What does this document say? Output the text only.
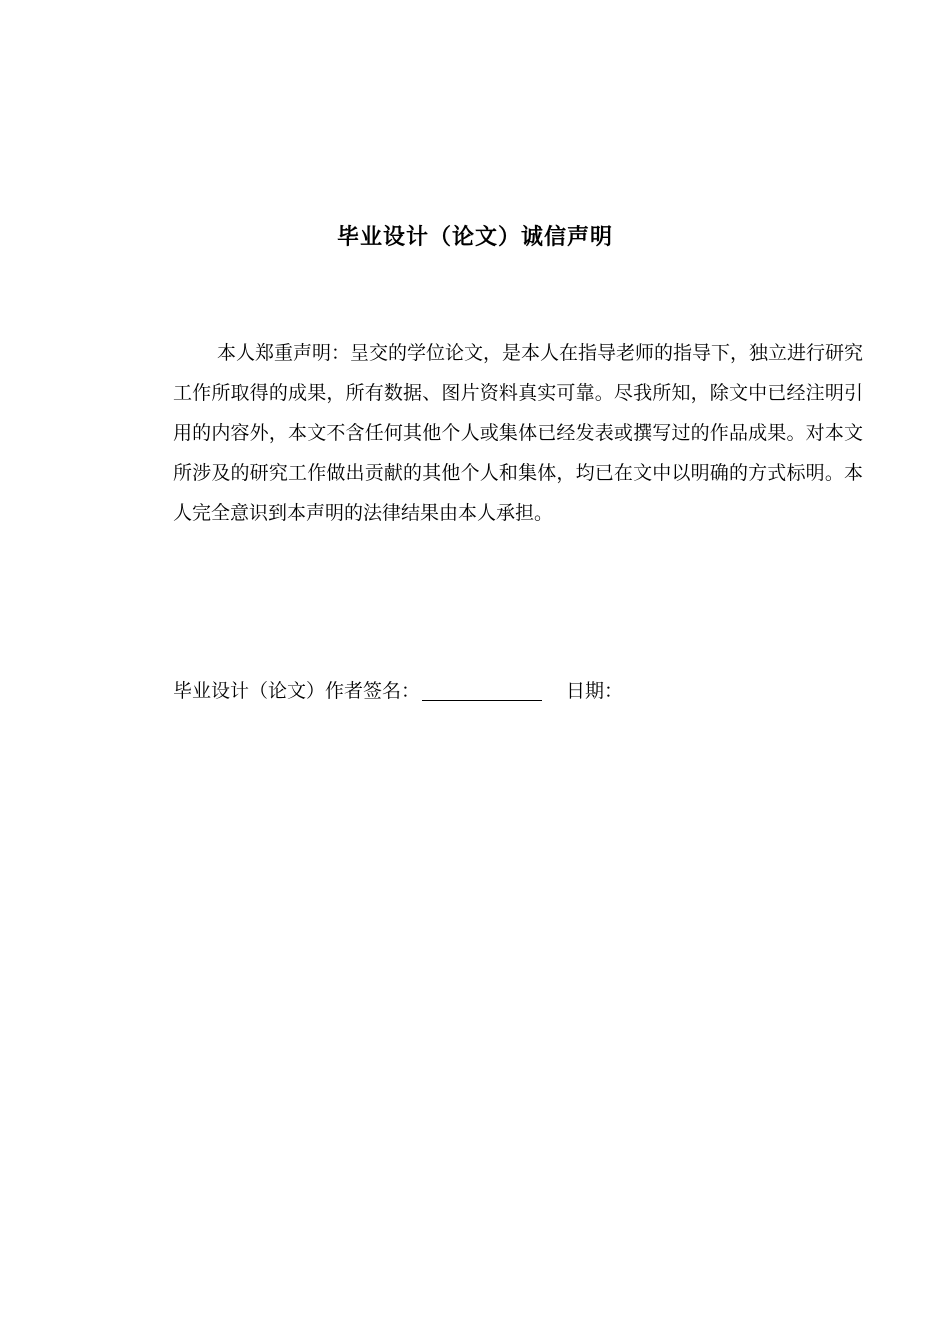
毕业设计（论文）诚信声明
本人郑重声明：呈交的学位论文，是本人在指导老师的指导下，独立进行研究工作所取得的成果，所有数据、图片资料真实可靠。尽我所知，除文中已经注明引用的内容外，本文不含任何其他个人或集体已经发表或撰写过的作品成果。对本文所涉及的研究工作做出贡献的其他个人和集体，均已在文中以明确的方式标明。本人完全意识到本声明的法律结果由本人承担。
毕业设计（论文）作者签名：	日期：
